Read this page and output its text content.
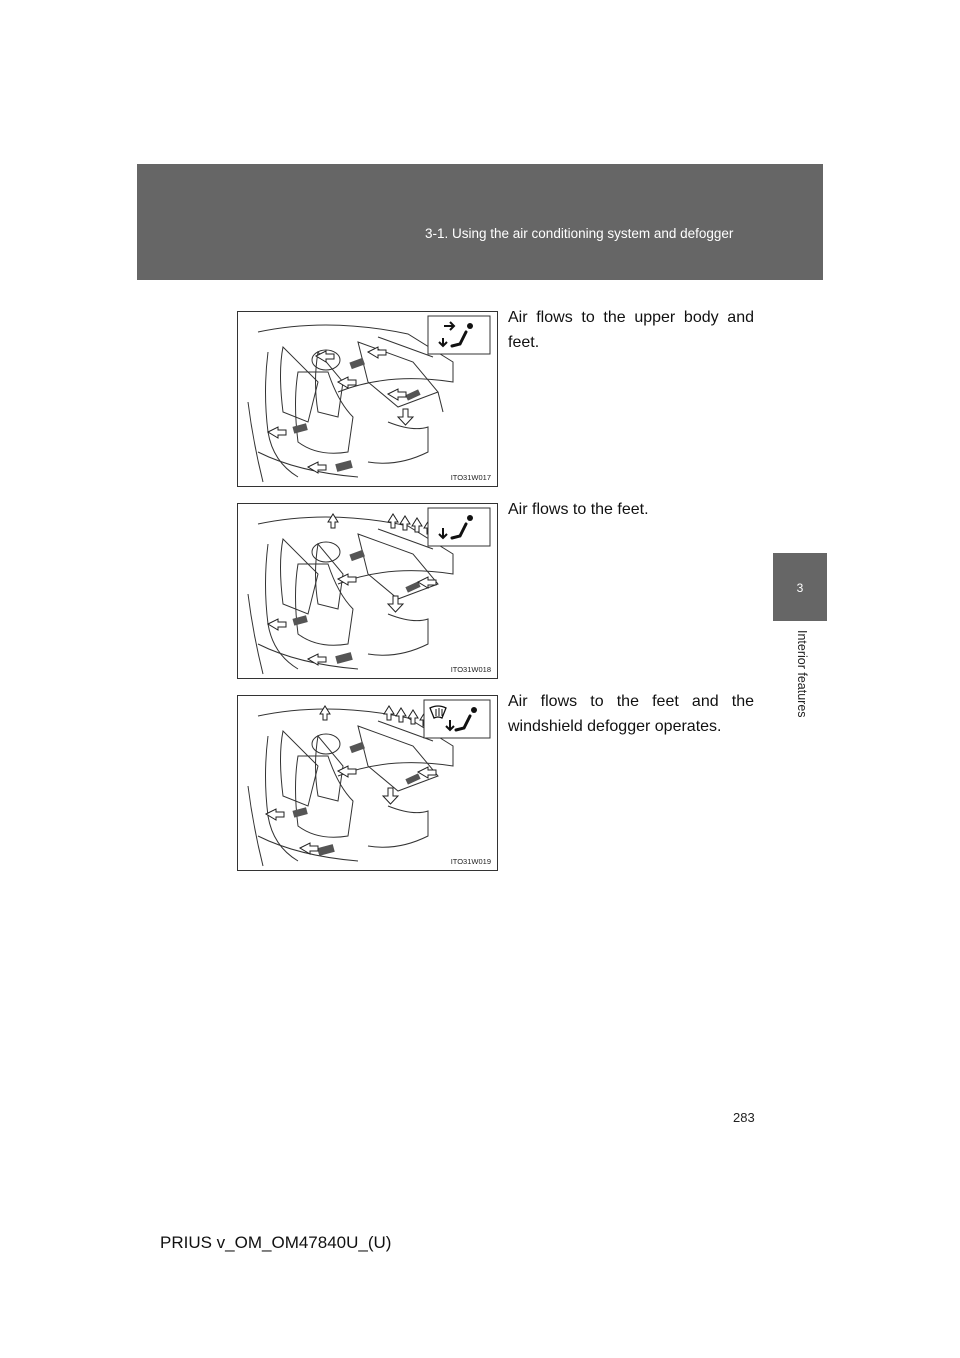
3-1. Using the air conditioning system and defogger
3
Interior features
ITO31W017
Air flows to the upper body and feet.
ITO31W018
Air flows to the feet.
ITO31W019
Air flows to the feet and the windshield defogger operates.
283
PRIUS v_OM_OM47840U_(U)
